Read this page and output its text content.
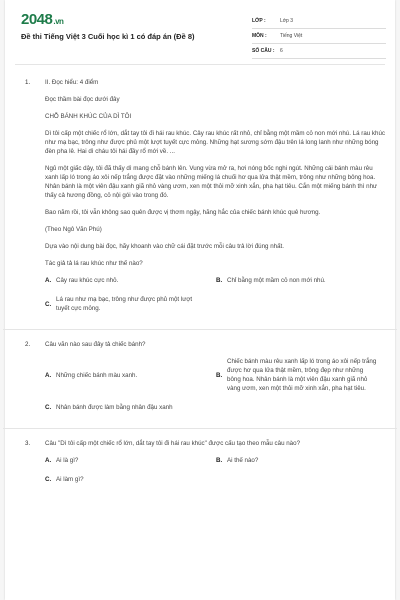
2048.vn
Đề thi Tiếng Việt 3 Cuối học kì 1 có đáp án (Đề 8)
LỚP :	Lớp 3
MÔN :	Tiếng Việt
SỐ CÂU :	6
1.	II. Đọc hiểu: 4 điểm

Đọc thầm bài đọc dưới đây

CHỖ BÁNH KHÚC CỦA DÌ TÔI

Dì tôi cấp một chiếc rổ lớn, dắt tay tôi đi hái rau khúc. Cây rau khúc rất nhỏ, chỉ bằng một mầm cỏ non mới nhú. Lá rau khúc như mạ bạc, trông như được phủ một lượt tuyết cực mỏng. Những hạt sương sớm đậu trên lá long lanh như những bóng đèn pha lê. Hai dì cháu tôi hái đầy rổ mới về. ...

Ngủ một giấc dậy, tôi đã thấy dì mang chỗ bánh lên. Vung vừa mở ra, hơi nóng bốc nghi ngút. Những cái bánh màu rêu xanh lấp ló trong áo xôi nếp trắng được đặt vào những miếng lá chuối hơ qua lửa thật mềm, trông như những bông hoa. Nhân bánh là một viên đậu xanh giã nhỏ vàng ươm, xen một thỏi mỡ xinh xắn, pha hạt tiêu. Cắn một miếng bánh thì như thấy cả hương đồng, cỏ nội gói vào trong đó.

Bao năm rồi, tôi vẫn không sao quên được vị thơm ngậy, hăng hắc của chiếc bánh khúc quê hương.

(Theo Ngô Văn Phú)

Dựa vào nội dung bài đọc, hãy khoanh vào chữ cái đặt trước mỗi câu trả lời đúng nhất.

Tác giả tả lá rau khúc như thế nào?

A. Cây rau khúc cực nhỏ.	B. Chỉ bằng một mầm cỏ non mới nhú.
C.
Lá rau như mạ bạc, trông như được phủ một lượt tuyết cực mỏng.
2.	Câu văn nào sau đây tả chiếc bánh?

A. Những chiếc bánh màu xanh.	B.
Chiếc bánh màu rêu xanh lấp ló trong áo xôi nếp trắng được hơ qua lửa thật mềm, trông đẹp như những bông hoa. Nhân bánh là một viên đậu xanh giã nhỏ vàng ươm, xen một thỏi mỡ xinh xắn, pha hạt tiêu.
C. Nhân bánh được làm bằng nhân đậu xanh
3.	Câu "Dì tôi cấp một chiếc rổ lớn, dắt tay tôi đi hái rau khúc" được cấu tạo theo mẫu câu nào?

A. Ai là gì?	B. Ai thế nào?
C. Ai làm gì?
